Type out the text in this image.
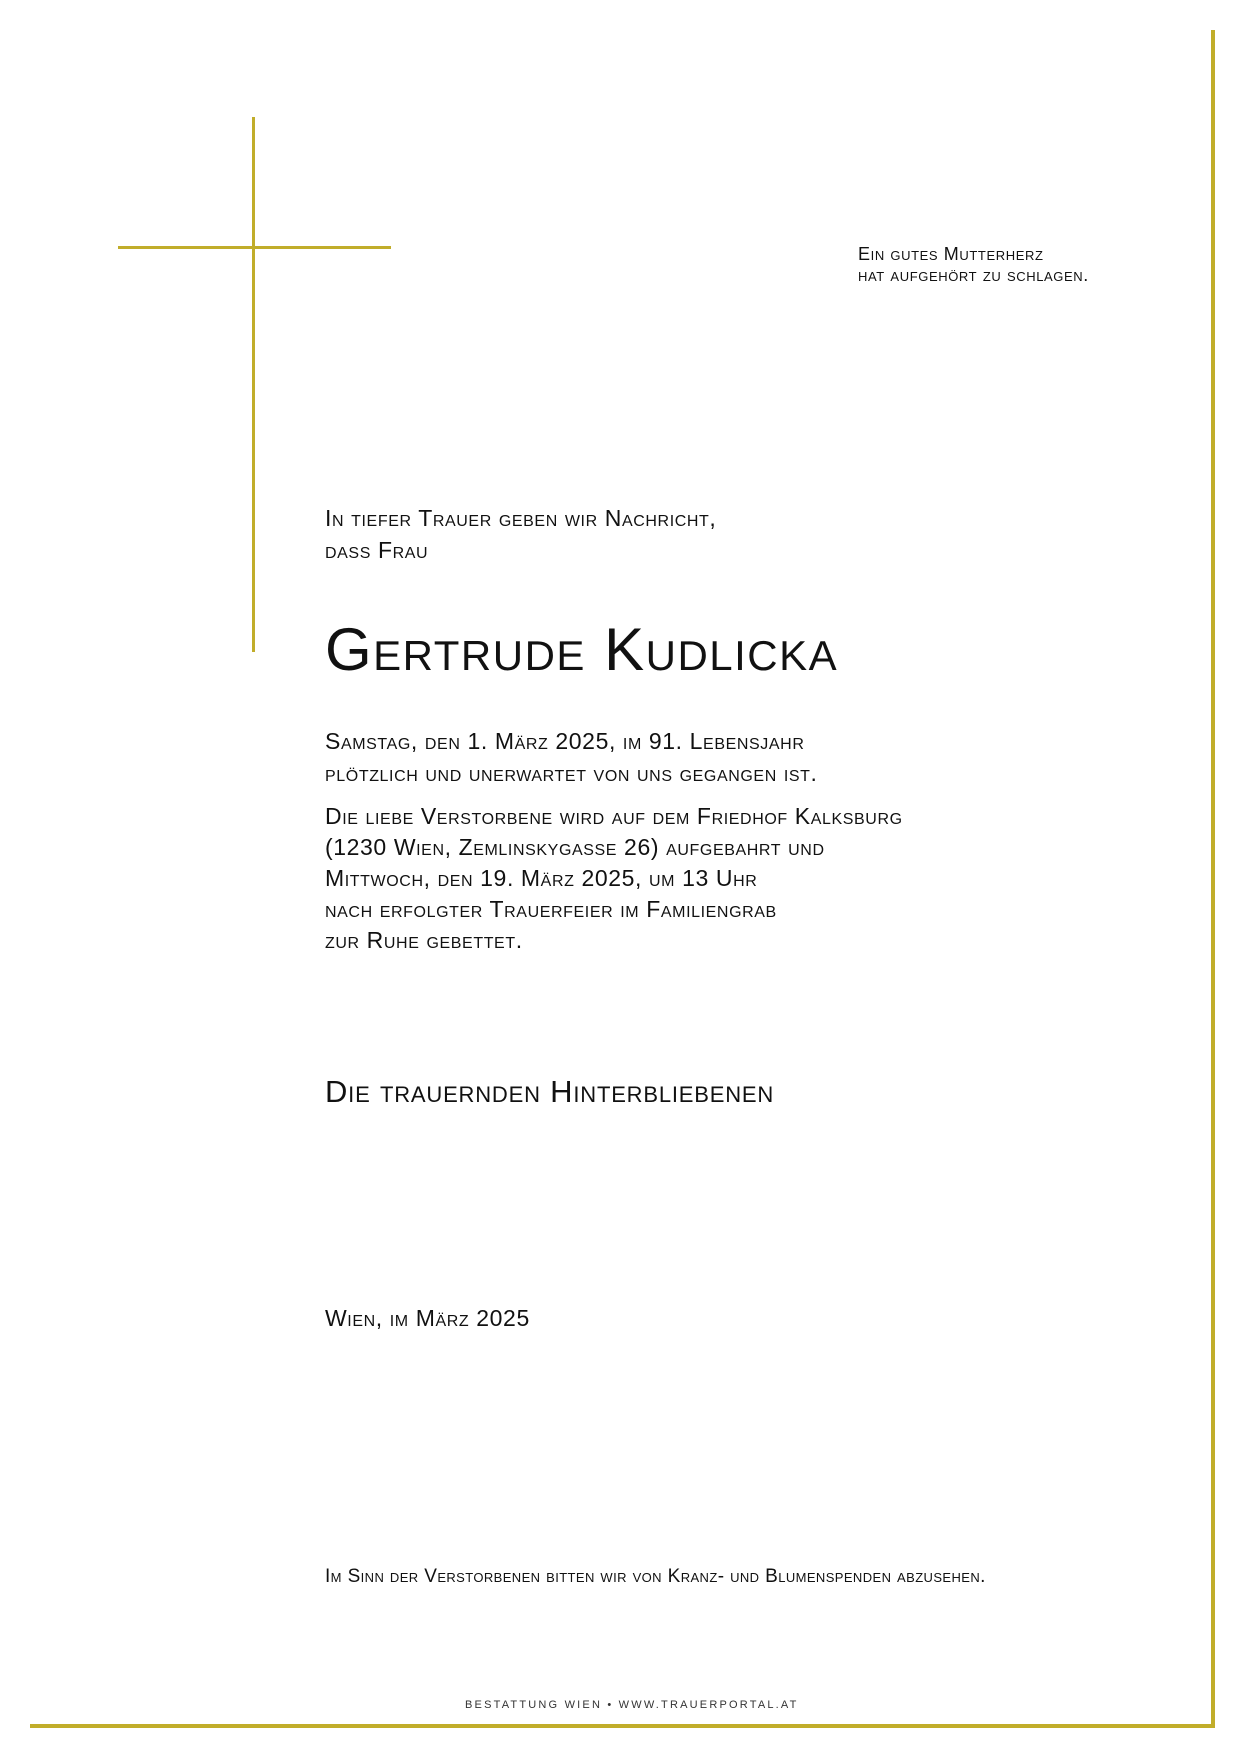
Ein gutes Mutterherz
hat aufgehört zu schlagen.
In tiefer Trauer geben wir Nachricht,
dass Frau
Gertrude Kudlicka
Samstag, den 1. März 2025, im 91. Lebensjahr
plötzlich und unerwartet von uns gegangen ist.
Die liebe Verstorbene wird auf dem Friedhof Kalksburg
(1230 Wien, Zemlinskygasse 26) aufgebahrt und
Mittwoch, den 19. März 2025, um 13 Uhr
nach erfolgter Trauerfeier im Familiengrab
zur Ruhe gebettet.
Die trauernden Hinterbliebenen
Wien, im März 2025
Im Sinn der Verstorbenen bitten wir von Kranz- und Blumenspenden abzusehen.
BESTATTUNG WIEN • WWW.TRAUERPORTAL.AT
